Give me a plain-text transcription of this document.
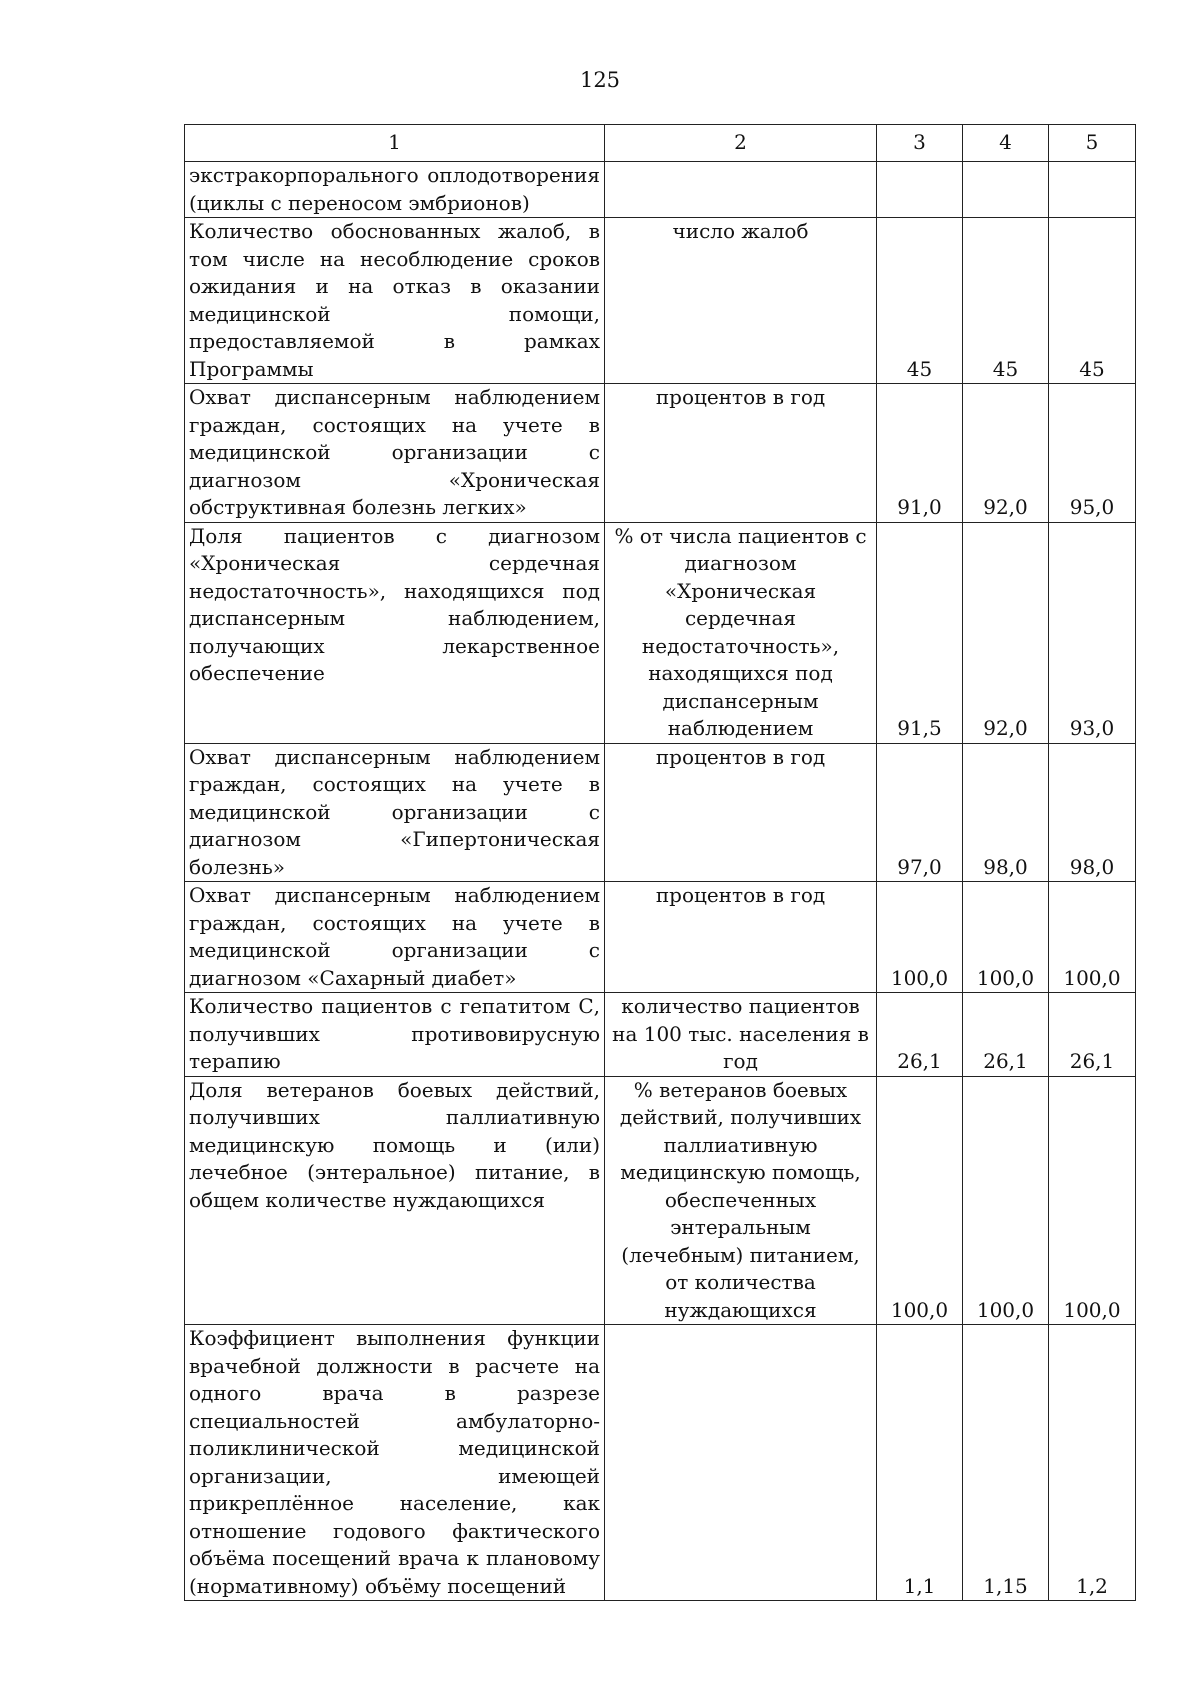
125
1	2	3	4	5
экстракорпорального оплодотворения (циклы с переносом эмбрионов)				
Количество обоснованных жалоб, в том числе на несоблюдение сроков ожидания и на отказ в оказании медицинской помощи, предоставляемой в рамках Программы	число жалоб	45	45	45
Охват диспансерным наблюдением граждан, состоящих на учете в медицинской организации с диагнозом «Хроническая обструктивная болезнь легких»	процентов в год	91,0	92,0	95,0
Доля пациентов с диагнозом «Хроническая сердечная недостаточность», находящихся под диспансерным наблюдением, получающих лекарственное обеспечение	% от числа пациентов с диагнозом «Хроническая сердечная недостаточность», находящихся под диспансерным наблюдением	91,5	92,0	93,0
Охват диспансерным наблюдением граждан, состоящих на учете в медицинской организации с диагнозом «Гипертоническая болезнь»	процентов в год	97,0	98,0	98,0
Охват диспансерным наблюдением граждан, состоящих на учете в медицинской организации с диагнозом «Сахарный диабет»	процентов в год	100,0	100,0	100,0
Количество пациентов с гепатитом С, получивших противовирусную терапию	количество пациентов на 100 тыс. населения в год	26,1	26,1	26,1
Доля ветеранов боевых действий, получивших паллиативную медицинскую помощь и (или) лечебное (энтеральное) питание, в общем количестве нуждающихся	% ветеранов боевых действий, получивших паллиативную медицинскую помощь, обеспеченных энтеральным (лечебным) питанием, от количества нуждающихся	100,0	100,0	100,0
Коэффициент выполнения функции врачебной должности в расчете на одного врача в разрезе специальностей амбулаторно-поликлинической медицинской организации, имеющей прикреплённое население, как отношение годового фактического объёма посещений врача к плановому (нормативному) объёму посещений		1,1	1,15	1,2
